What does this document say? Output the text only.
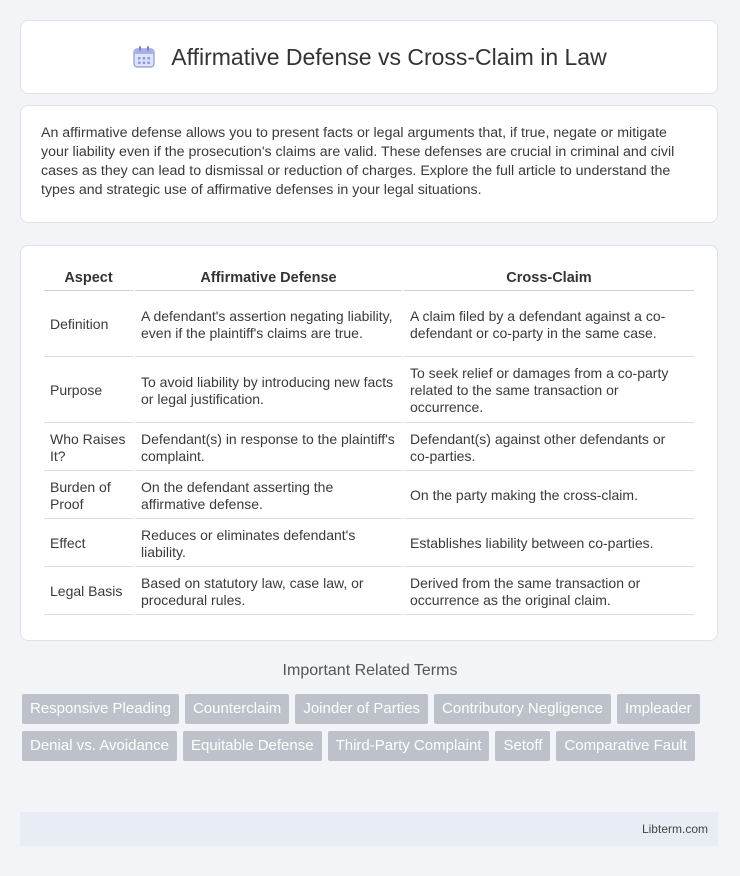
Affirmative Defense vs Cross-Claim in Law
An affirmative defense allows you to present facts or legal arguments that, if true, negate or mitigate your liability even if the prosecution's claims are valid. These defenses are crucial in criminal and civil cases as they can lead to dismissal or reduction of charges. Explore the full article to understand the types and strategic use of affirmative defenses in your legal situations.
Aspect	Affirmative Defense	Cross-Claim
Definition	A defendant's assertion negating liability, even if the plaintiff's claims are true.	A claim filed by a defendant against a co-defendant or co-party in the same case.
Purpose	To avoid liability by introducing new facts or legal justification.	To seek relief or damages from a co-party related to the same transaction or occurrence.
Who Raises It?	Defendant(s) in response to the plaintiff's complaint.	Defendant(s) against other defendants or co-parties.
Burden of Proof	On the defendant asserting the affirmative defense.	On the party making the cross-claim.
Effect	Reduces or eliminates defendant's liability.	Establishes liability between co-parties.
Legal Basis	Based on statutory law, case law, or procedural rules.	Derived from the same transaction or occurrence as the original claim.
Important Related Terms
Responsive Pleading	Counterclaim	Joinder of Parties	Contributory Negligence	Impleader
Denial vs. Avoidance	Equitable Defense	Third-Party Complaint	Setoff	Comparative Fault
Libterm.com
